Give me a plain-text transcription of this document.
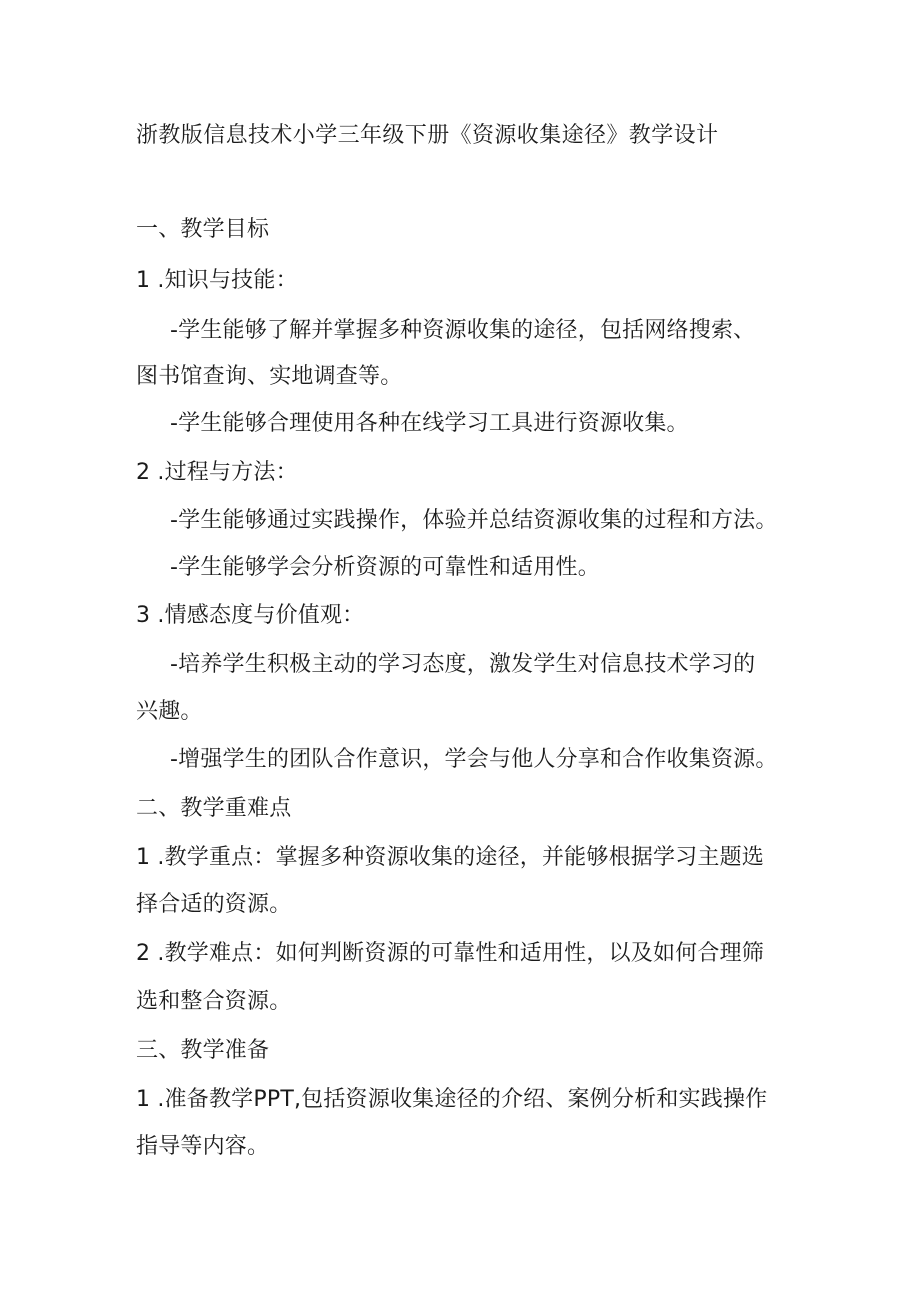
浙教版信息技术小学三年级下册《资源收集途径》教学设计
一、教学目标
1 .知识与技能：
-学生能够了解并掌握多种资源收集的途径，包括网络搜索、
图书馆查询、实地调查等。
-学生能够合理使用各种在线学习工具进行资源收集。
2 .过程与方法：
-学生能够通过实践操作，体验并总结资源收集的过程和方法。
-学生能够学会分析资源的可靠性和适用性。
3 .情感态度与价值观：
-培养学生积极主动的学习态度，激发学生对信息技术学习的
兴趣。
-增强学生的团队合作意识，学会与他人分享和合作收集资源。
二、教学重难点
1 .教学重点：掌握多种资源收集的途径，并能够根据学习主题选
择合适的资源。
2 .教学难点：如何判断资源的可靠性和适用性，以及如何合理筛
选和整合资源。
三、教学准备
1 .准备教学PPT,包括资源收集途径的介绍、案例分析和实践操作
指导等内容。
